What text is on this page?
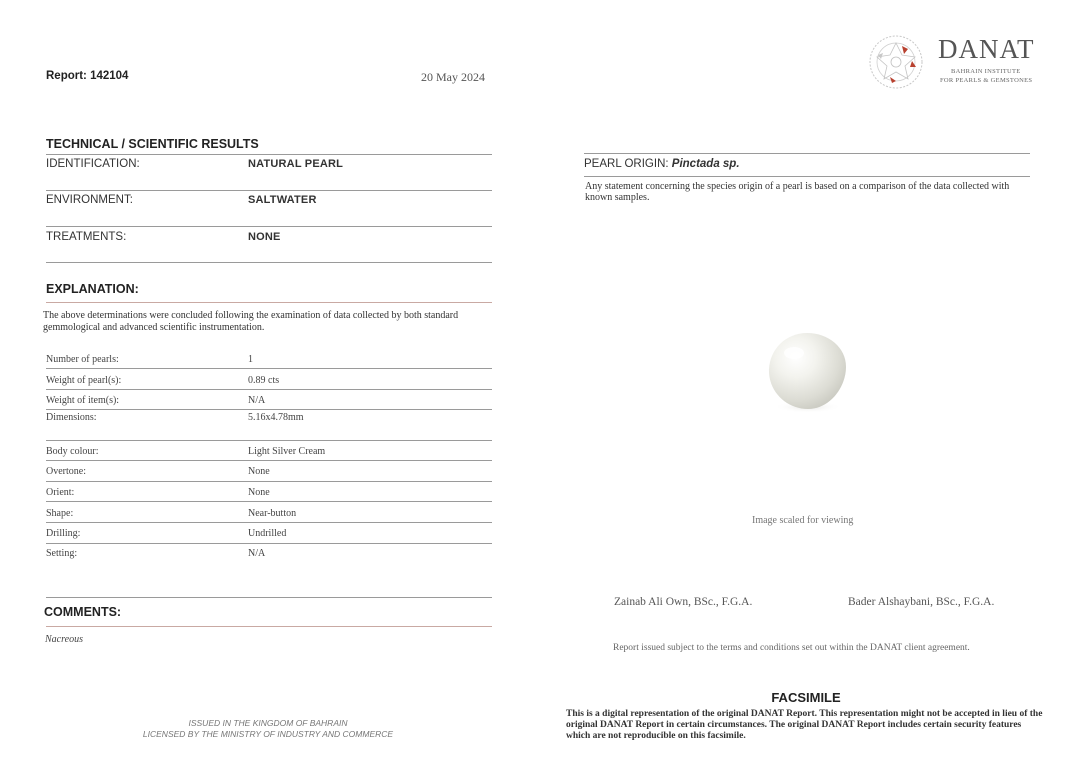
Report: 142104	20 May 2024
DANAT
BAHRAIN INSTITUTE
FOR PEARLS & GEMSTONES
TECHNICAL / SCIENTIFIC RESULTS
IDENTIFICATION:	NATURAL PEARL
ENVIRONMENT:	SALTWATER
TREATMENTS:	NONE
EXPLANATION:
The above determinations were concluded following the examination of data collected by both standard gemmological and advanced scientific instrumentation.
Number of pearls:	1
Weight of pearl(s):	0.89 cts
Weight of item(s):	N/A
Dimensions:	5.16x4.78mm
Body colour:	Light Silver Cream
Overtone:	None
Orient:	None
Shape:	Near-button
Drilling:	Undrilled
Setting:	N/A
COMMENTS:
Nacreous
ISSUED IN THE KINGDOM OF BAHRAIN
LICENSED BY THE MINISTRY OF INDUSTRY AND COMMERCE
PEARL ORIGIN: Pinctada sp.
Any statement concerning the species origin of a pearl is based on a comparison of the data collected with known samples.
Image scaled for viewing
Zainab Ali Own, BSc., F.G.A.	Bader Alshaybani, BSc., F.G.A.
Report issued subject to the terms and conditions set out within the DANAT client agreement.
FACSIMILE
This is a digital representation of the original DANAT Report. This representation might not be accepted in lieu of the original DANAT Report in certain circumstances. The original DANAT Report includes certain security features which are not reproducible on this facsimile.
